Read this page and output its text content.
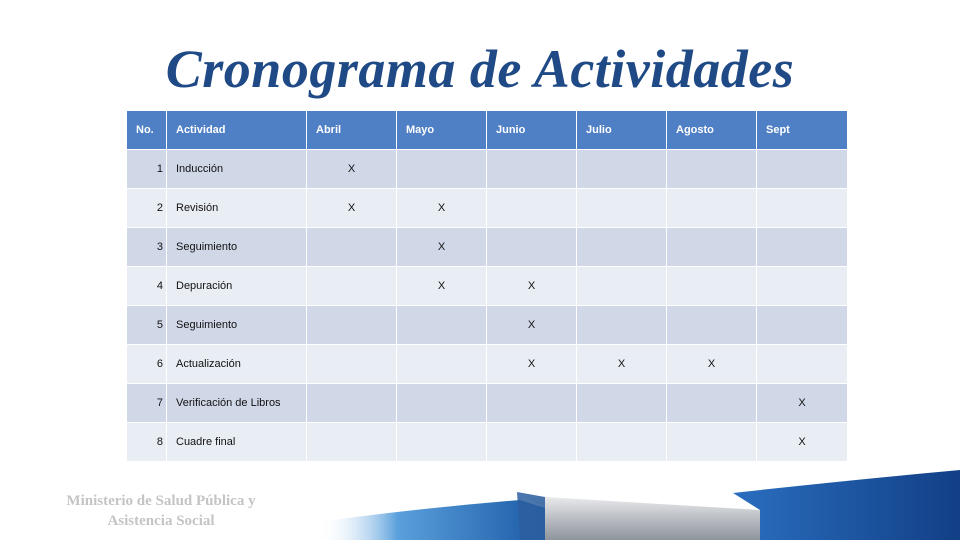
Cronograma de Actividades
No.	Actividad	Abril	Mayo	Junio	Julio	Agosto	Sept
1	Inducción	X					
2	Revisión	X	X				
3	Seguimiento		X				
4	Depuración		X	X			
5	Seguimiento			X			
6	Actualización			X	X	X	
7	Verificación de Libros						X
8	Cuadre final						X
Ministerio de Salud Pública y
Asistencia Social
